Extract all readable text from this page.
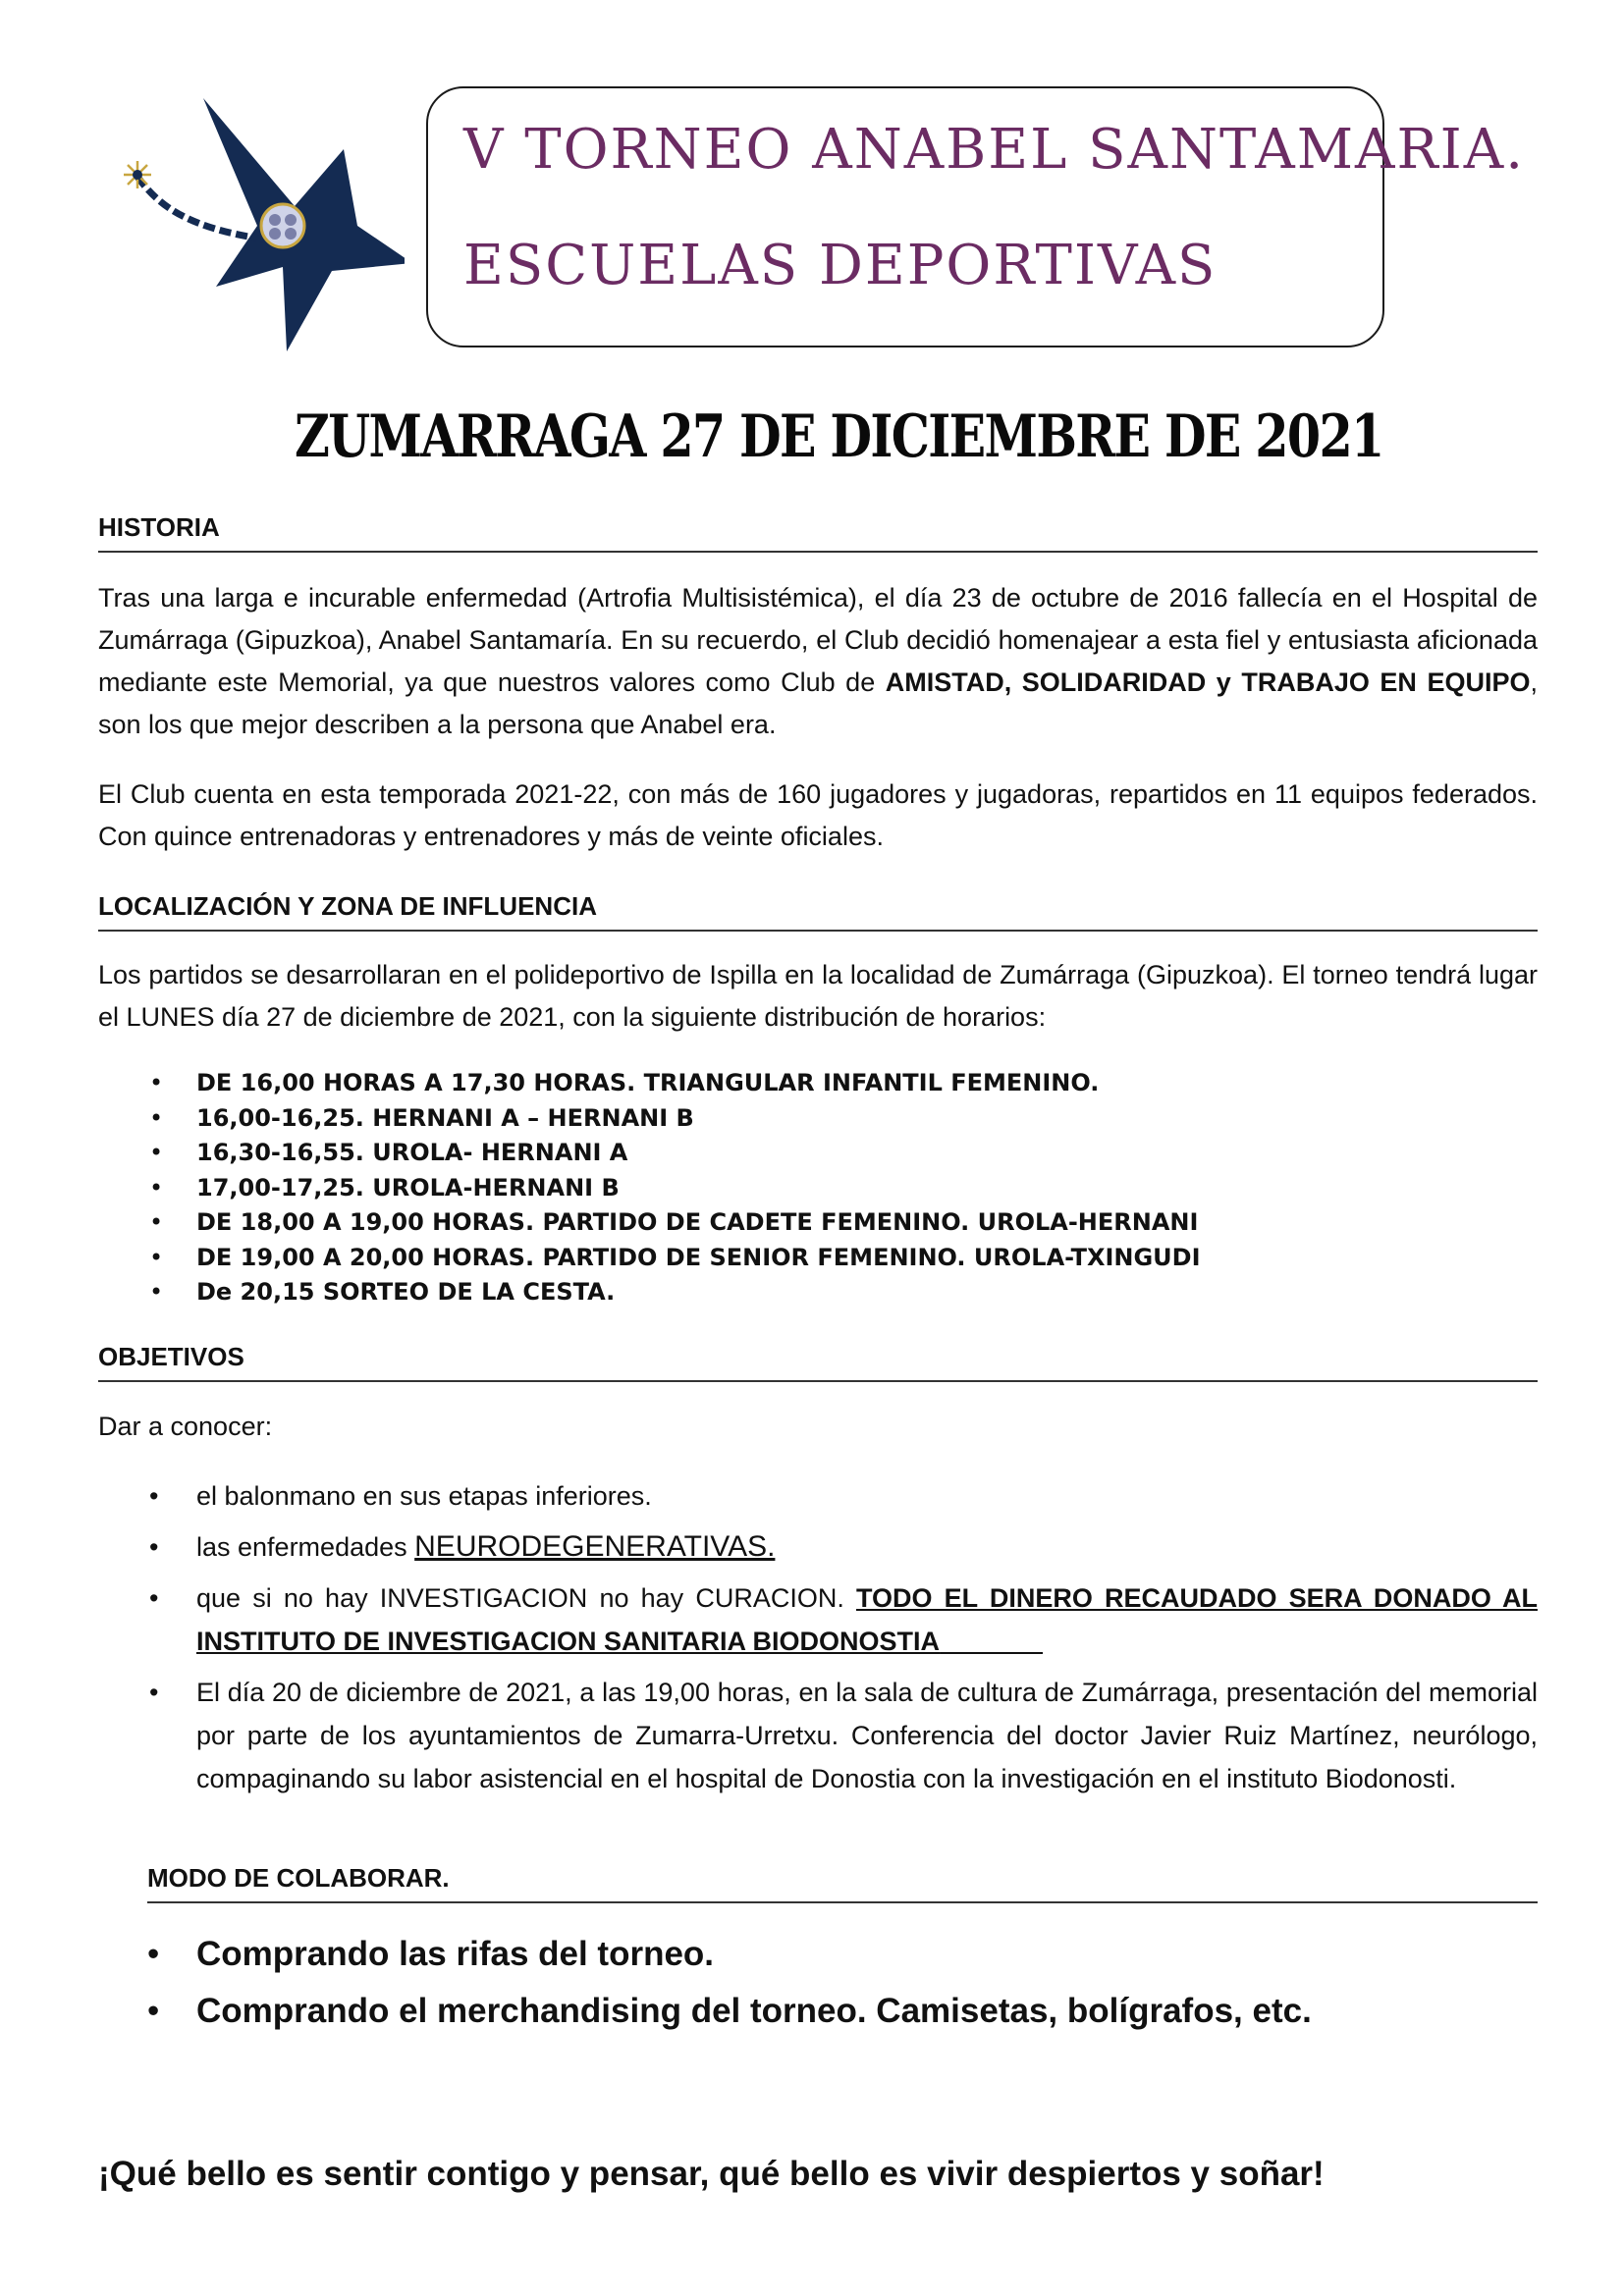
V TORNEO ANABEL SANTAMARIA.
ESCUELAS DEPORTIVAS
ZUMARRAGA 27 DE DICIEMBRE DE 2021
HISTORIA

Tras una larga e incurable enfermedad (Artrofia Multisistémica), el día 23 de octubre de 2016 fallecía en el Hospital de Zumárraga (Gipuzkoa), Anabel Santamaría. En su recuerdo, el Club decidió homenajear a esta fiel y entusiasta aficionada mediante este Memorial, ya que nuestros valores como Club de AMISTAD, SOLIDARIDAD y TRABAJO EN EQUIPO, son los que mejor describen a la persona que Anabel era.

El Club cuenta en esta temporada 2021-22, con más de 160 jugadores y jugadoras, repartidos en 11 equipos federados. Con quince entrenadoras y entrenadores y más de veinte oficiales.

LOCALIZACIÓN Y ZONA DE INFLUENCIA

Los partidos se desarrollaran en el polideportivo de Ispilla en la localidad de Zumárraga (Gipuzkoa). El torneo tendrá lugar el LUNES día 27 de diciembre de 2021, con la siguiente distribución de horarios:

• DE 16,00 HORAS A 17,30 HORAS. TRIANGULAR INFANTIL FEMENINO.
• 16,00-16,25. HERNANI A – HERNANI B
• 16,30-16,55. UROLA- HERNANI A
• 17,00-17,25. UROLA-HERNANI B
• DE 18,00 A 19,00 HORAS. PARTIDO DE CADETE FEMENINO. UROLA-HERNANI
• DE 19,00 A 20,00 HORAS. PARTIDO DE SENIOR FEMENINO. UROLA-TXINGUDI
• De 20,15 SORTEO DE LA CESTA.
OBJETIVOS

Dar a conocer:

• el balonmano en sus etapas inferiores.
• las enfermedades NEURODEGENERATIVAS.
• que si no hay INVESTIGACION no hay CURACION. TODO EL DINERO RECAUDADO SERA DONADO AL INSTITUTO DE INVESTIGACION SANITARIA BIODONOSTIA
• El día 20 de diciembre de 2021, a las 19,00 horas, en la sala de cultura de Zumárraga, presentación del memorial por parte de los ayuntamientos de Zumarra-Urretxu. Conferencia del doctor Javier Ruiz Martínez, neurólogo, compaginando su labor asistencial en el hospital de Donostia con la investigación en el instituto Biodonosti.
MODO DE COLABORAR.
• Comprando las rifas del torneo.
• Comprando el merchandising del torneo. Camisetas, bolígrafos, etc.
¡Qué bello es sentir contigo y pensar, qué bello es vivir despiertos y soñar!
